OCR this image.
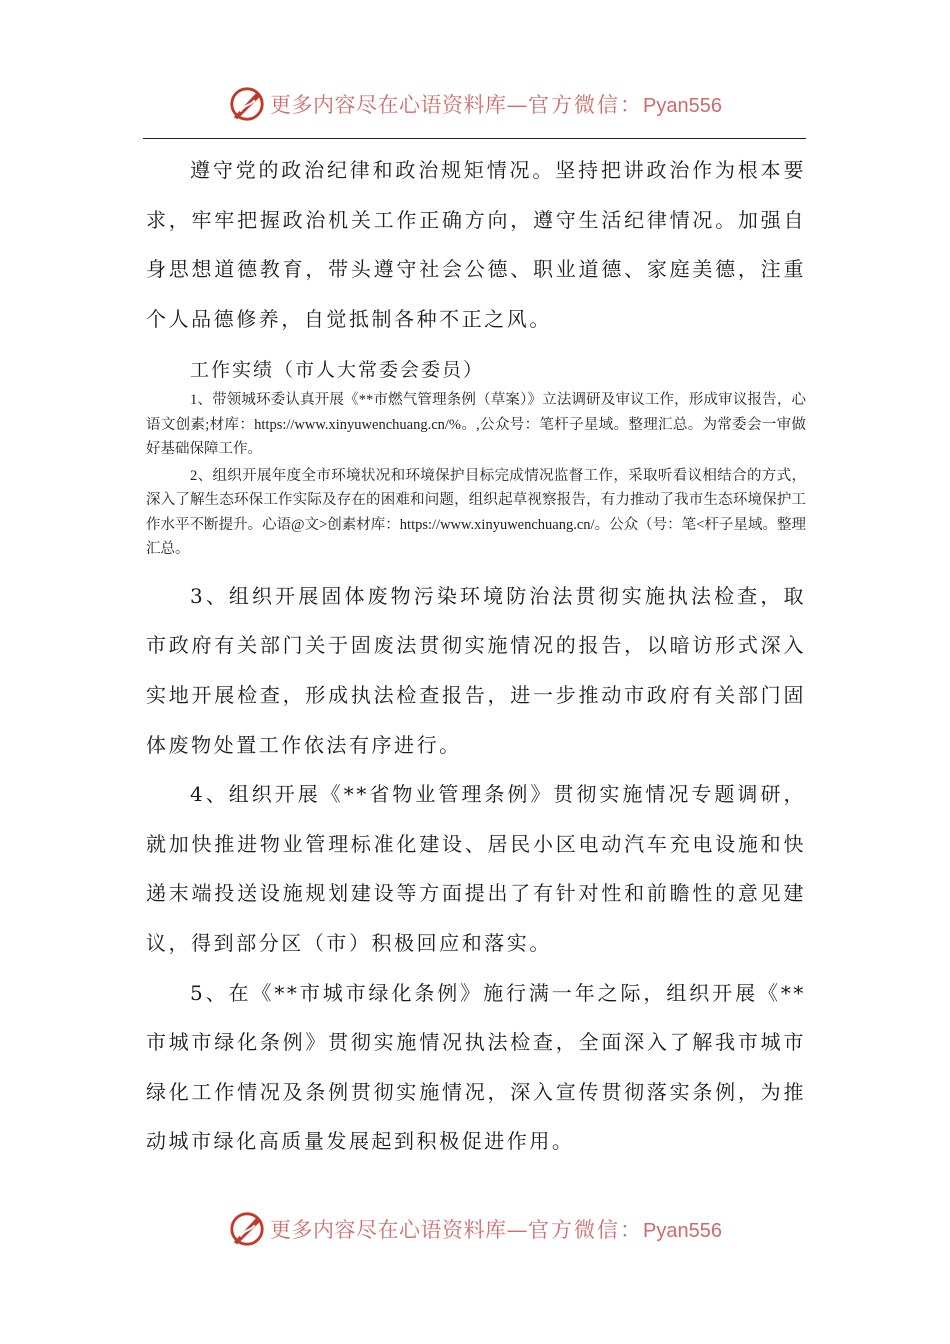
更多内容尽在心语资料库—官方微信：Pyan556

遵守党的政治纪律和政治规矩情况。坚持把讲政治作为根本要求，牢牢把握政治机关工作正确方向，遵守生活纪律情况。加强自身思想道德教育，带头遵守社会公德、职业道德、家庭美德，注重个人品德修养，自觉抵制各种不正之风。

工作实绩（市人大常委会委员）

1、带领城环委认真开展《**市燃气管理条例（草案）》立法调研及审议工作，形成审议报告，心语文创素;材库：https://www.xinyuwenchuang.cn/%。,公众号：笔杆子星域。整理汇总。为常委会一审做好基础保障工作。

2、组织开展年度全市环境状况和环境保护目标完成情况监督工作，采取听看议相结合的方式，深入了解生态环保工作实际及存在的困难和问题，组织起草视察报告，有力推动了我市生态环境保护工作水平不断提升。心语@文>创素材库：https://www.xinyuwenchuang.cn/。公众（号：笔<杆子星域。整理汇总。

3、组织开展固体废物污染环境防治法贯彻实施执法检查，取市政府有关部门关于固废法贯彻实施情况的报告，以暗访形式深入实地开展检查，形成执法检查报告，进一步推动市政府有关部门固体废物处置工作依法有序进行。

4、组织开展《**省物业管理条例》贯彻实施情况专题调研，就加快推进物业管理标准化建设、居民小区电动汽车充电设施和快递末端投送设施规划建设等方面提出了有针对性和前瞻性的意见建议，得到部分区（市）积极回应和落实。

5、在《**市城市绿化条例》施行满一年之际，组织开展《**市城市绿化条例》贯彻实施情况执法检查，全面深入了解我市城市绿化工作情况及条例贯彻实施情况，深入宣传贯彻落实条例，为推动城市绿化高质量发展起到积极促进作用。

更多内容尽在心语资料库—官方微信：Pyan556
